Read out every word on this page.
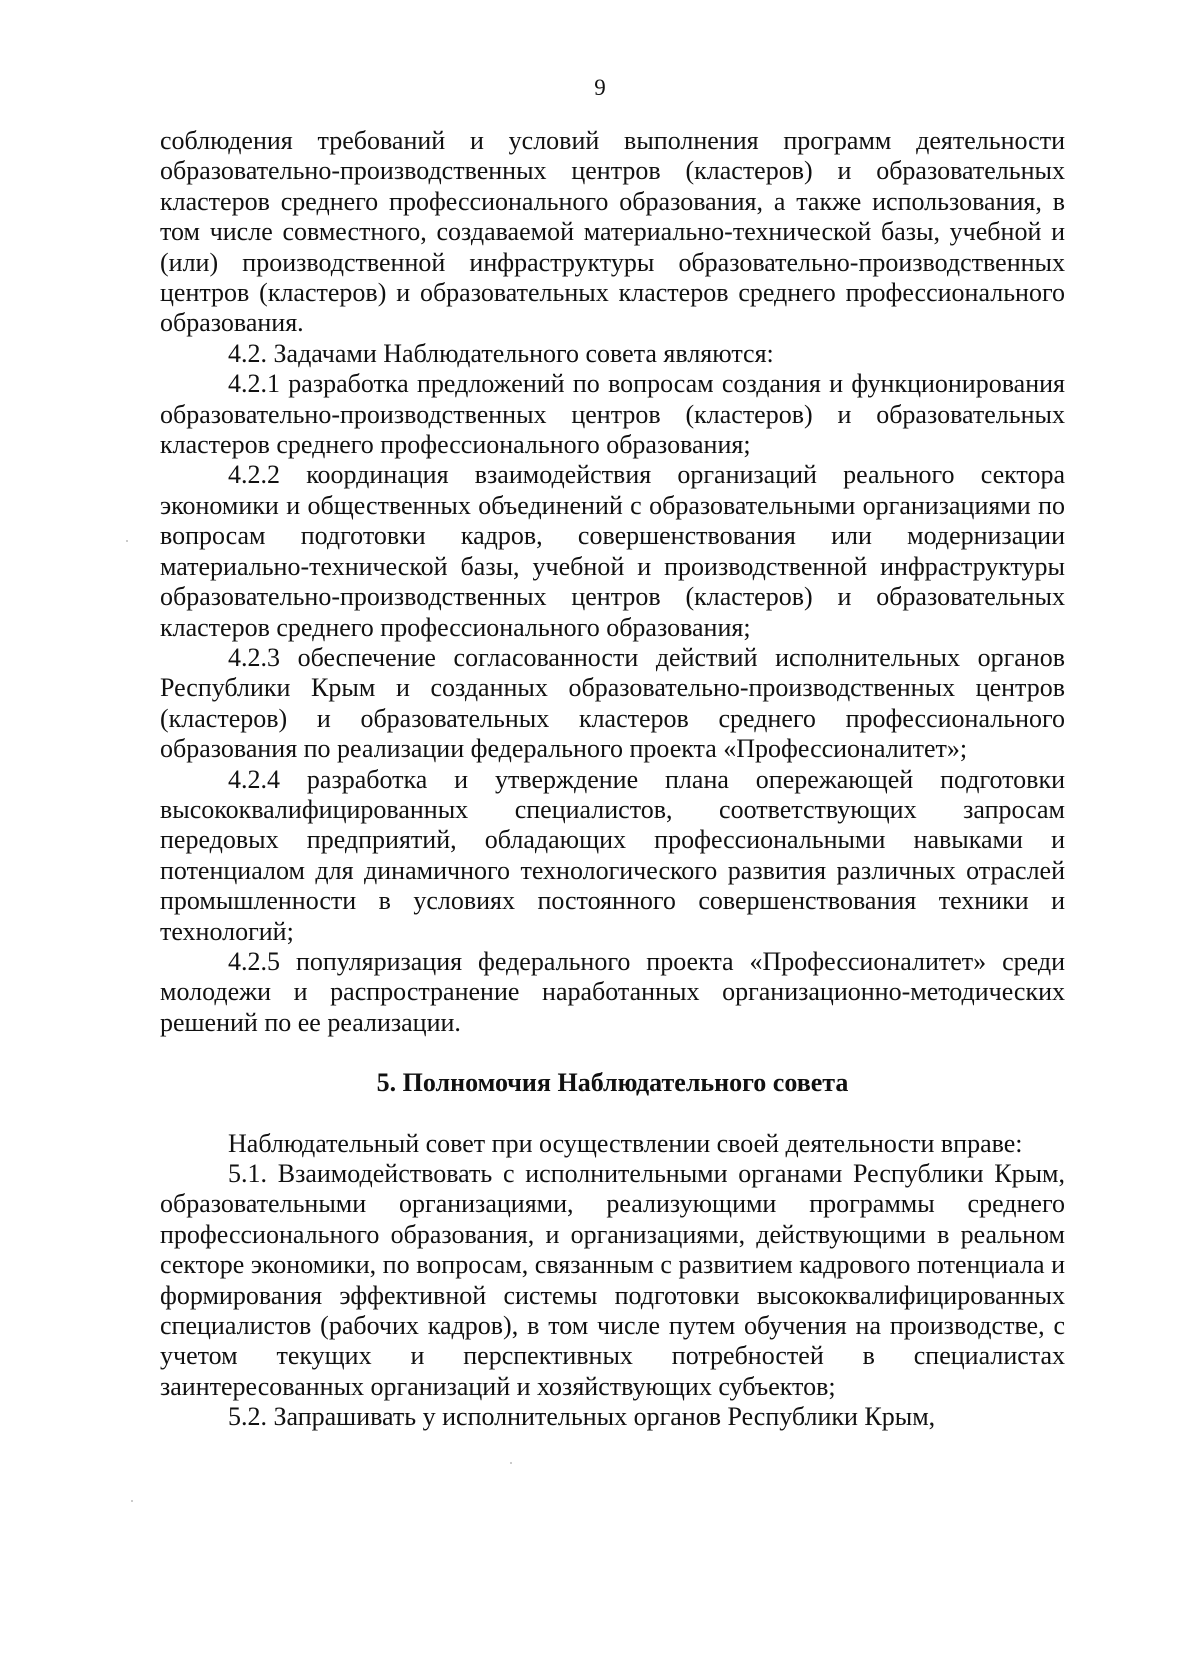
9

соблюдения требований и условий выполнения программ деятельности образовательно-производственных центров (кластеров) и образовательных кластеров среднего профессионального образования, а также использования, в том числе совместного, создаваемой материально-технической базы, учебной и (или) производственной инфраструктуры образовательно-производственных центров (кластеров) и образовательных кластеров среднего профессионального образования.

4.2. Задачами Наблюдательного совета являются:

4.2.1 разработка предложений по вопросам создания и функционирования образовательно-производственных центров (кластеров) и образовательных кластеров среднего профессионального образования;

4.2.2 координация взаимодействия организаций реального сектора экономики и общественных объединений с образовательными организациями по вопросам подготовки кадров, совершенствования или модернизации материально-технической базы, учебной и производственной инфраструктуры образовательно-производственных центров (кластеров) и образовательных кластеров среднего профессионального образования;

4.2.3 обеспечение согласованности действий исполнительных органов Республики Крым и созданных образовательно-производственных центров (кластеров) и образовательных кластеров среднего профессионального образования по реализации федерального проекта «Профессионалитет»;

4.2.4 разработка и утверждение плана опережающей подготовки высококвалифицированных специалистов, соответствующих запросам передовых предприятий, обладающих профессиональными навыками и потенциалом для динамичного технологического развития различных отраслей промышленности в условиях постоянного совершенствования техники и технологий;

4.2.5 популяризация федерального проекта «Профессионалитет» среди молодежи и распространение наработанных организационно-методических решений по ее реализации.

5. Полномочия Наблюдательного совета

Наблюдательный совет при осуществлении своей деятельности вправе:

5.1. Взаимодействовать с исполнительными органами Республики Крым, образовательными организациями, реализующими программы среднего профессионального образования, и организациями, действующими в реальном секторе экономики, по вопросам, связанным с развитием кадрового потенциала и формирования эффективной системы подготовки высококвалифицированных специалистов (рабочих кадров), в том числе путем обучения на производстве, с учетом текущих и перспективных потребностей в специалистах заинтересованных организаций и хозяйствующих субъектов;

5.2. Запрашивать у исполнительных органов Республики Крым,
